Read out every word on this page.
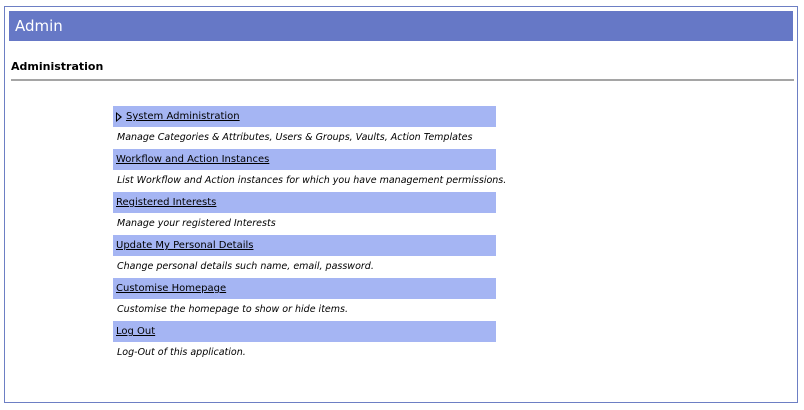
Admin
Administration
System Administration
Manage Categories & Attributes, Users & Groups, Vaults, Action Templates
Workflow and Action Instances
List Workflow and Action instances for which you have management permissions.
Registered Interests
Manage your registered Interests
Update My Personal Details
Change personal details such name, email, password.
Customise Homepage
Customise the homepage to show or hide items.
Log Out
Log-Out of this application.
